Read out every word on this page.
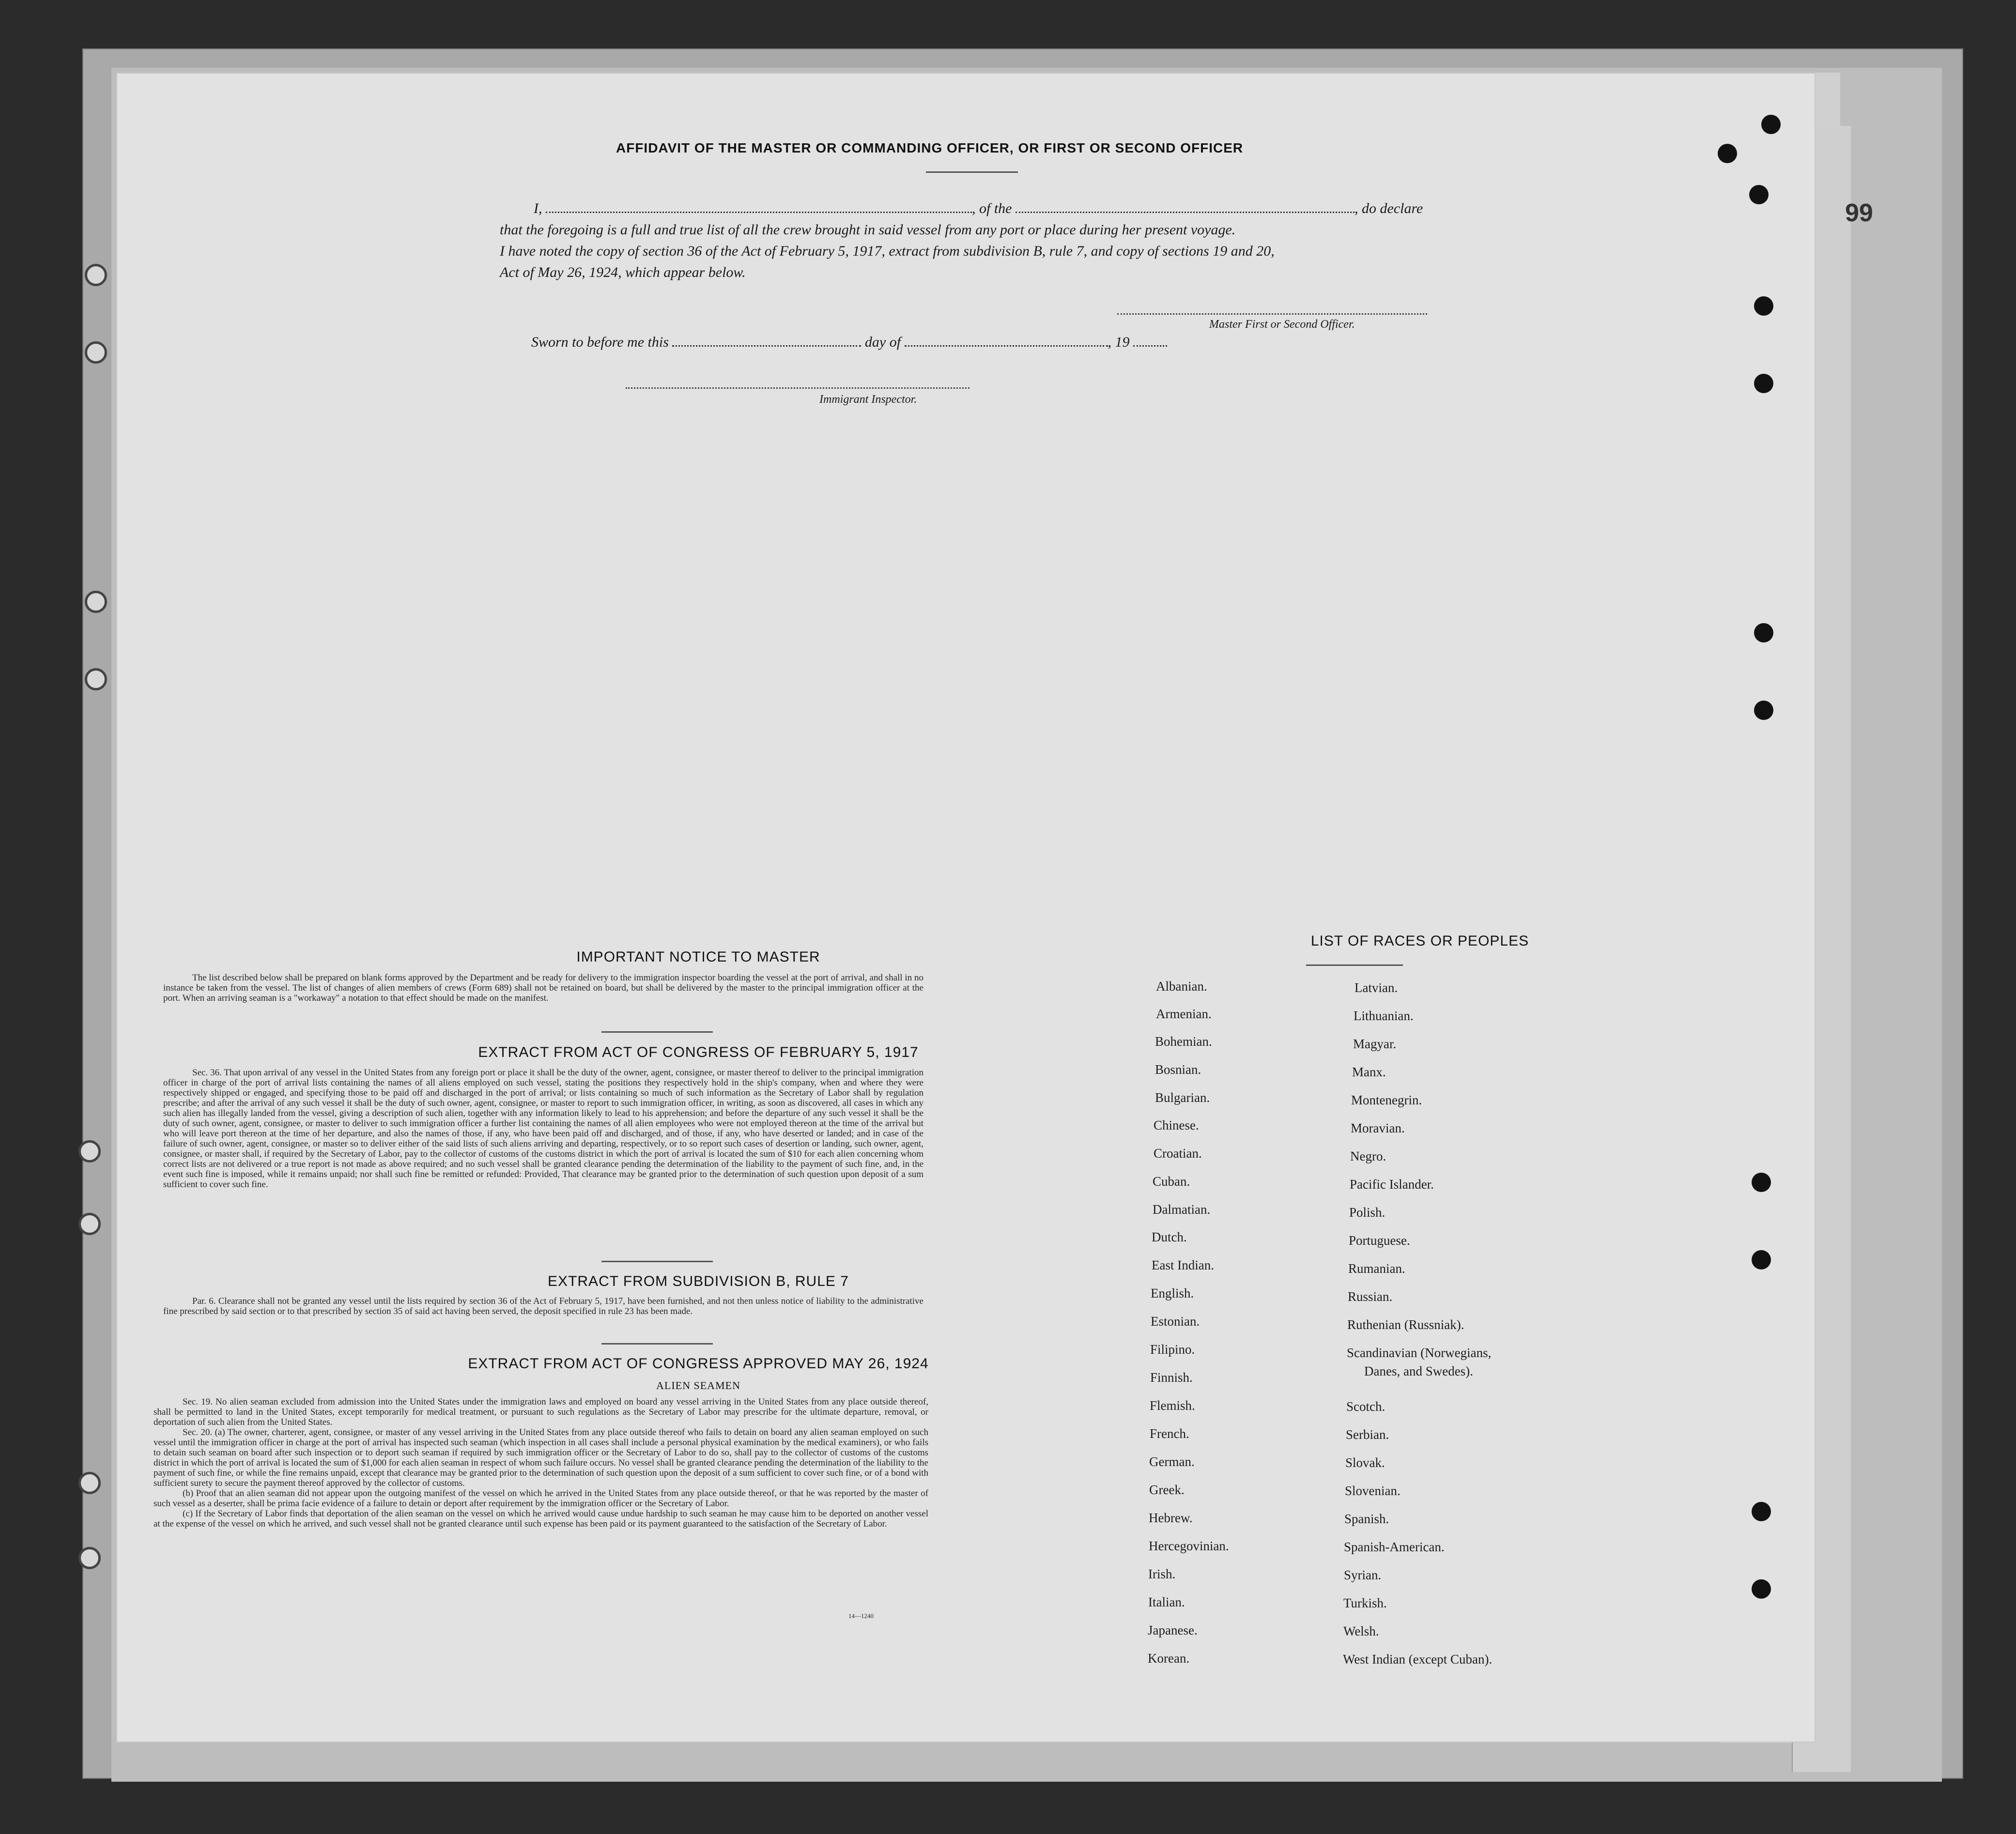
99
AFFIDAVIT OF THE MASTER OR COMMANDING OFFICER, OR FIRST OR SECOND OFFICER
I,	, of the	, do declare
that the foregoing is a full and true list of all the crew brought in said vessel from any port or place during her present voyage.
I have noted the copy of section 36 of the Act of February 5, 1917, extract from subdivision B, rule 7, and copy of sections 19 and 20,
Act of May 26, 1924, which appear below.
Master First or Second Officer.
Sworn to before me this	day of	, 19
Immigrant Inspector.
IMPORTANT NOTICE TO MASTER

The list described below shall be prepared on blank forms approved by the Department and be ready for delivery to the immigration inspector boarding the vessel at the port of arrival, and shall in no instance be taken from the vessel. The list of changes of alien members of crews (Form 689) shall not be retained on board, but shall be delivered by the master to the principal immigration officer at the port. When an arriving seaman is a "workaway" a notation to that effect should be made on the manifest.

EXTRACT FROM ACT OF CONGRESS OF FEBRUARY 5, 1917

Sec. 36. That upon arrival of any vessel in the United States from any foreign port or place it shall be the duty of the owner, agent, consignee, or master thereof to deliver to the principal immigration officer in charge of the port of arrival lists containing the names of all aliens employed on such vessel, stating the positions they respectively hold in the ship's company, when and where they were respectively shipped or engaged, and specifying those to be paid off and discharged in the port of arrival; or lists containing so much of such information as the Secretary of Labor shall by regulation prescribe; and after the arrival of any such vessel it shall be the duty of such owner, agent, consignee, or master to report to such immigration officer, in writing, as soon as discovered, all cases in which any such alien has illegally landed from the vessel, giving a description of such alien, together with any information likely to lead to his apprehension; and before the departure of any such vessel it shall be the duty of such owner, agent, consignee, or master to deliver to such immigration officer a further list containing the names of all alien employees who were not employed thereon at the time of the arrival but who will leave port thereon at the time of her departure, and also the names of those, if any, who have been paid off and discharged, and of those, if any, who have deserted or landed; and in case of the failure of such owner, agent, consignee, or master so to deliver either of the said lists of such aliens arriving and departing, respectively, or to so report such cases of desertion or landing, such owner, agent, consignee, or master shall, if required by the Secretary of Labor, pay to the collector of customs of the customs district in which the port of arrival is located the sum of $10 for each alien concerning whom correct lists are not delivered or a true report is not made as above required; and no such vessel shall be granted clearance pending the determination of the liability to the payment of such fine, and, in the event such fine is imposed, while it remains unpaid; nor shall such fine be remitted or refunded: Provided, That clearance may be granted prior to the determination of such question upon deposit of a sum sufficient to cover such fine.

EXTRACT FROM SUBDIVISION B, RULE 7

Par. 6. Clearance shall not be granted any vessel until the lists required by section 36 of the Act of February 5, 1917, have been furnished, and not then unless notice of liability to the administrative fine prescribed by said section or to that prescribed by section 35 of said act having been served, the deposit specified in rule 23 has been made.

EXTRACT FROM ACT OF CONGRESS APPROVED MAY 26, 1924
ALIEN SEAMEN

Sec. 19. No alien seaman excluded from admission into the United States under the immigration laws and employed on board any vessel arriving in the United States from any place outside thereof, shall be permitted to land in the United States, except temporarily for medical treatment, or pursuant to such regulations as the Secretary of Labor may prescribe for the ultimate departure, removal, or deportation of such alien from the United States.

Sec. 20. (a) The owner, charterer, agent, consignee, or master of any vessel arriving in the United States from any place outside thereof who fails to detain on board any alien seaman employed on such vessel until the immigration officer in charge at the port of arrival has inspected such seaman (which inspection in all cases shall include a personal physical examination by the medical examiners), or who fails to detain such seaman on board after such inspection or to deport such seaman if required by such immigration officer or the Secretary of Labor to do so, shall pay to the collector of customs of the customs district in which the port of arrival is located the sum of $1,000 for each alien seaman in respect of whom such failure occurs. No vessel shall be granted clearance pending the determination of the liability to the payment of such fine, or while the fine remains unpaid, except that clearance may be granted prior to the determination of such question upon the deposit of a sum sufficient to cover such fine, or of a bond with sufficient surety to secure the payment thereof approved by the collector of customs.

(b) Proof that an alien seaman did not appear upon the outgoing manifest of the vessel on which he arrived in the United States from any place outside thereof, or that he was reported by the master of such vessel as a deserter, shall be prima facie evidence of a failure to detain or deport after requirement by the immigration officer or the Secretary of Labor.

(c) If the Secretary of Labor finds that deportation of the alien seaman on the vessel on which he arrived would cause undue hardship to such seaman he may cause him to be deported on another vessel at the expense of the vessel on which he arrived, and such vessel shall not be granted clearance until such expense has been paid or its payment guaranteed to the satisfaction of the Secretary of Labor.

14—1240
LIST OF RACES OR PEOPLES
Albanian.
Armenian.
Bohemian.
Bosnian.
Bulgarian.
Chinese.
Croatian.
Cuban.
Dalmatian.
Dutch.
East Indian.
English.
Estonian.
Filipino.
Finnish.
Flemish.
French.
German.
Greek.
Hebrew.
Hercegovinian.
Irish.
Italian.
Japanese.
Korean.
Latvian.
Lithuanian.
Magyar.
Manx.
Montenegrin.
Moravian.
Negro.
Pacific Islander.
Polish.
Portuguese.
Rumanian.
Russian.
Ruthenian (Russniak).
Scandinavian (Norwegians,
Danes, and Swedes).
Scotch.
Serbian.
Slovak.
Slovenian.
Spanish.
Spanish-American.
Syrian.
Turkish.
Welsh.
West Indian (except Cuban).
